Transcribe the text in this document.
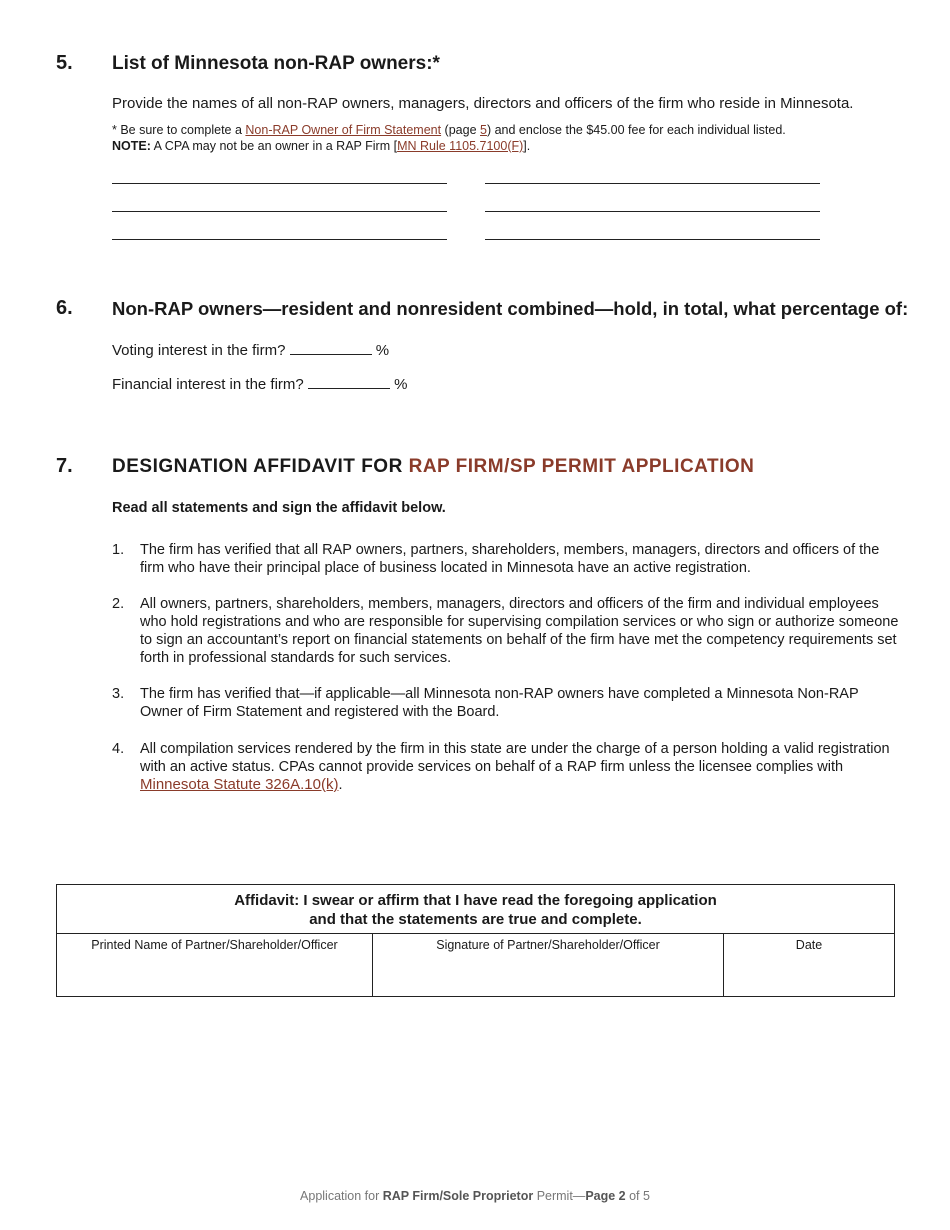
5. List of Minnesota non-RAP owners:*
Provide the names of all non-RAP owners, managers, directors and officers of the firm who reside in Minnesota.
* Be sure to complete a Non-RAP Owner of Firm Statement (page 5) and enclose the $45.00 fee for each individual listed.
NOTE: A CPA may not be an owner in a RAP Firm [MN Rule 1105.7100(F)].
6. Non-RAP owners—resident and nonresident combined—hold, in total, what percentage of:
Voting interest in the firm?	%
Financial interest in the firm?	%
7. DESIGNATION AFFIDAVIT FOR RAP FIRM/SP PERMIT APPLICATION
Read all statements and sign the affidavit below.
1. The firm has verified that all RAP owners, partners, shareholders, members, managers, directors and officers of the firm who have their principal place of business located in Minnesota have an active registration.
2. All owners, partners, shareholders, members, managers, directors and officers of the firm and individual employees who hold registrations and who are responsible for supervising compilation services or who sign or authorize someone to sign an accountant’s report on financial statements on behalf of the firm have met the competency requirements set forth in professional standards for such services.
3. The firm has verified that—if applicable—all Minnesota non-RAP owners have completed a Minnesota Non-RAP Owner of Firm Statement and registered with the Board.
4. All compilation services rendered by the firm in this state are under the charge of a person holding a valid registration with an active status. CPAs cannot provide services on behalf of a RAP firm unless the licensee complies with Minnesota Statute 326A.10(k).
Affidavit: I swear or affirm that I have read the foregoing application
and that the statements are true and complete.

Printed Name of Partner/Shareholder/Officer	Signature of Partner/Shareholder/Officer	Date
Application for RAP Firm/Sole Proprietor Permit—Page 2 of 5
